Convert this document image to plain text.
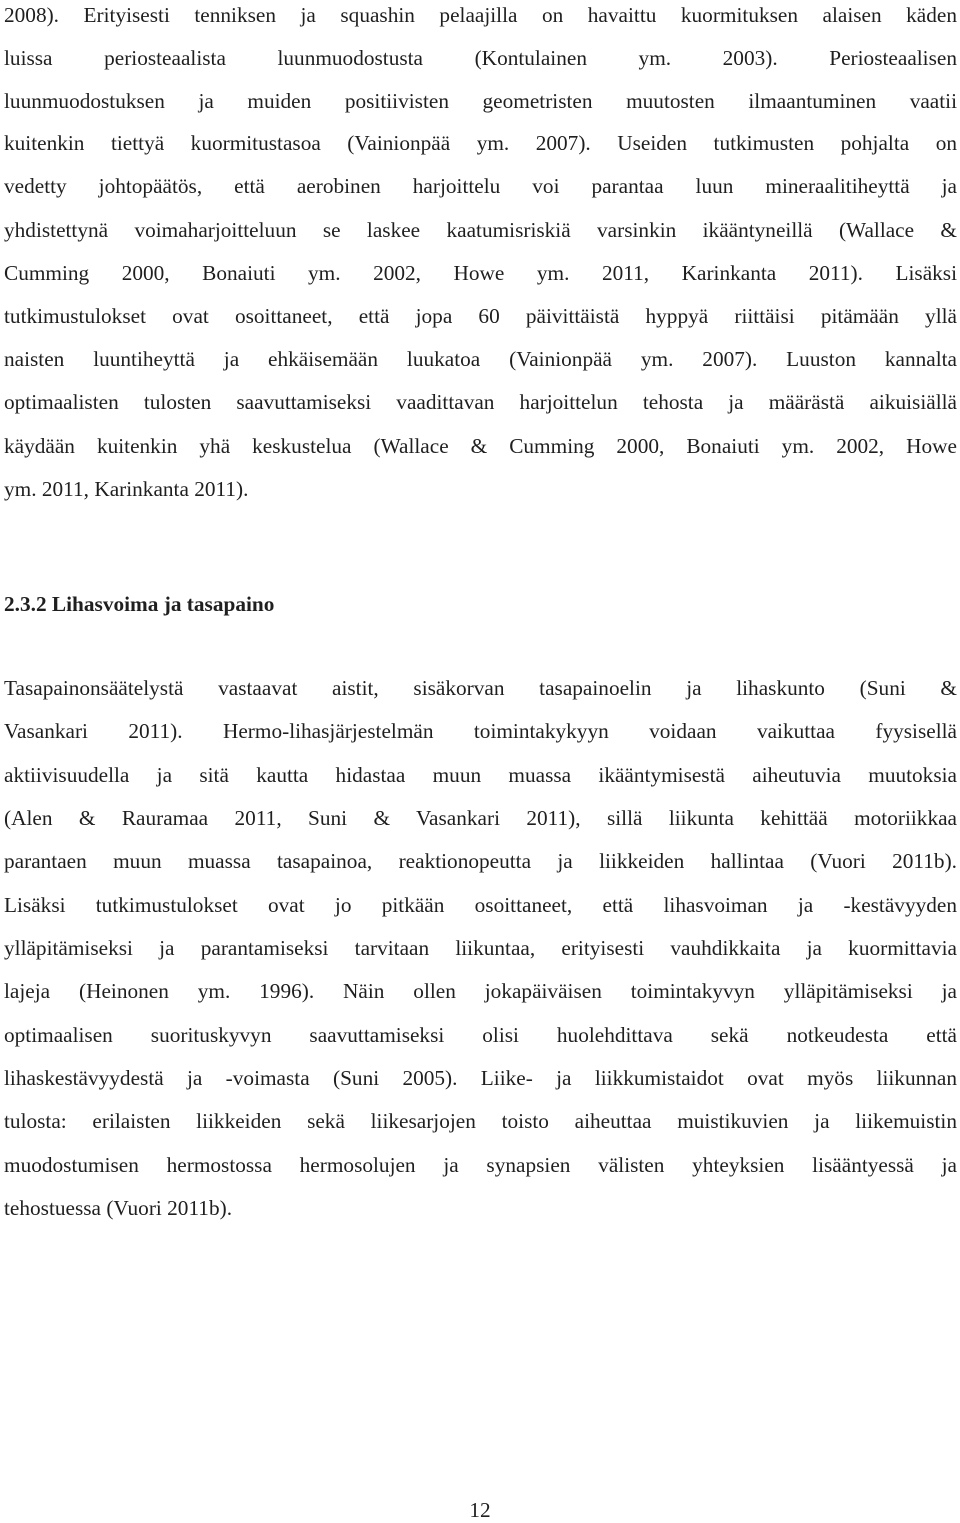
2008). Erityisesti tenniksen ja squashin pelaajilla on havaittu kuormituksen alaisen käden
luissa periosteaalista luunmuodostusta (Kontulainen ym. 2003). Periosteaalisen
luunmuodostuksen ja muiden positiivisten geometristen muutosten ilmaantuminen vaatii
kuitenkin tiettyä kuormitustasoa (Vainionpää ym. 2007). Useiden tutkimusten pohjalta on
vedetty johtopäätös, että aerobinen harjoittelu voi parantaa luun mineraalitiheyttä ja
yhdistettynä voimaharjoitteluun se laskee kaatumisriskiä varsinkin ikääntyneillä (Wallace &
Cumming 2000, Bonaiuti ym. 2002, Howe ym. 2011, Karinkanta 2011). Lisäksi
tutkimustulokset ovat osoittaneet, että jopa 60 päivittäistä hyppyä riittäisi pitämään yllä
naisten luuntiheyttä ja ehkäisemään luukatoa (Vainionpää ym. 2007). Luuston kannalta
optimaalisten tulosten saavuttamiseksi vaadittavan harjoittelun tehosta ja määrästä aikuisiällä
käydään kuitenkin yhä keskustelua (Wallace & Cumming 2000, Bonaiuti ym. 2002, Howe
ym. 2011, Karinkanta 2011).
2.3.2 Lihasvoima ja tasapaino
Tasapainonsäätelystä vastaavat aistit, sisäkorvan tasapainoelin ja lihaskunto (Suni &
Vasankari 2011). Hermo-lihasjärjestelmän toimintakykyyn voidaan vaikuttaa fyysisellä
aktiivisuudella ja sitä kautta hidastaa muun muassa ikääntymisestä aiheutuvia muutoksia
(Alen & Rauramaa 2011, Suni & Vasankari 2011), sillä liikunta kehittää motoriikkaa
parantaen muun muassa tasapainoa, reaktionopeutta ja liikkeiden hallintaa (Vuori 2011b).
Lisäksi tutkimustulokset ovat jo pitkään osoittaneet, että lihasvoiman ja -kestävyyden
ylläpitämiseksi ja parantamiseksi tarvitaan liikuntaa, erityisesti vauhdikkaita ja kuormittavia
lajeja (Heinonen ym. 1996). Näin ollen jokapäiväisen toimintakyvyn ylläpitämiseksi ja
optimaalisen suorituskyvyn saavuttamiseksi olisi huolehdittava sekä notkeudesta että
lihaskestävyydestä ja -voimasta (Suni 2005). Liike- ja liikkumistaidot ovat myös liikunnan
tulosta: erilaisten liikkeiden sekä liikesarjojen toisto aiheuttaa muistikuvien ja liikemuistin
muodostumisen hermostossa hermosolujen ja synapsien välisten yhteyksien lisääntyessä ja
tehostuessa (Vuori 2011b).
12
